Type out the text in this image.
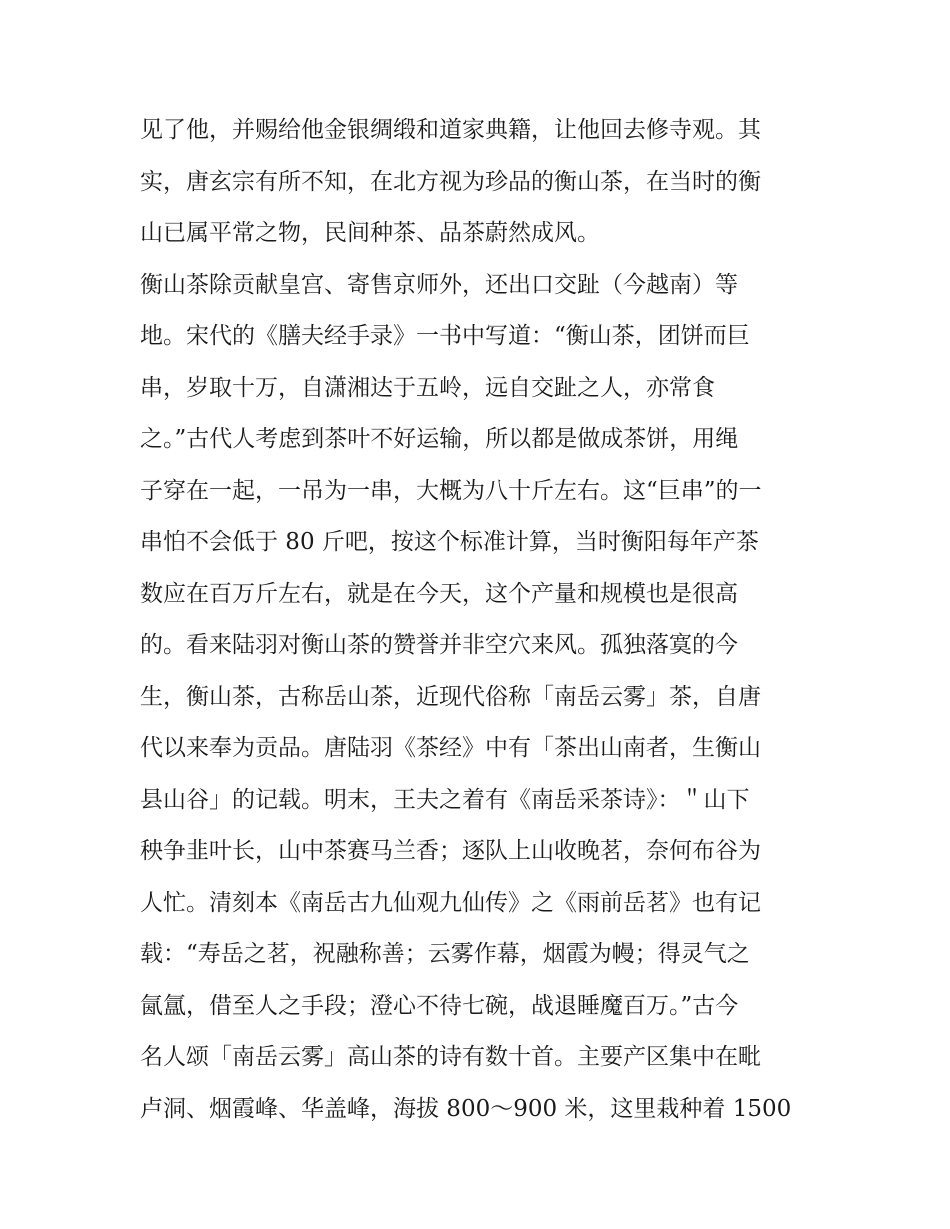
见了他，并赐给他金银绸缎和道家典籍，让他回去修寺观。其
实，唐玄宗有所不知，在北方视为珍品的衡山茶，在当时的衡
山已属平常之物，民间种茶、品茶蔚然成风。
衡山茶除贡献皇宫、寄售京师外，还出口交趾（今越南）等
地。宋代的《膳夫经手录》一书中写道：“衡山茶，团饼而巨
串，岁取十万，自潇湘达于五岭，远自交趾之人，亦常食
之。”古代人考虑到茶叶不好运输，所以都是做成茶饼，用绳
子穿在一起，一吊为一串，大概为八十斤左右。这“巨串”的一
串怕不会低于 80 斤吧，按这个标准计算，当时衡阳每年产茶
数应在百万斤左右，就是在今天，这个产量和规模也是很高
的。看来陆羽对衡山茶的赞誉并非空穴来风。孤独落寞的今
生，衡山茶，古称岳山茶，近现代俗称「南岳云雾」茶，自唐
代以来奉为贡品。唐陆羽《茶经》中有「茶出山南者，生衡山
县山谷」的记载。明末，王夫之着有《南岳采茶诗》：＂山下
秧争韭叶长，山中茶赛马兰香；逐队上山收晚茗，奈何布谷为
人忙。清刻本《南岳古九仙观九仙传》之《雨前岳茗》也有记
载：“寿岳之茗，祝融称善；云雾作幕，烟霞为幔；得灵气之
氤氲，借至人之手段；澄心不待七碗，战退睡魔百万。”古今
名人颂「南岳云雾」高山茶的诗有数十首。主要产区集中在毗
卢洞、烟霞峰、华盖峰，海拔 800～900 米，这里栽种着 1500
